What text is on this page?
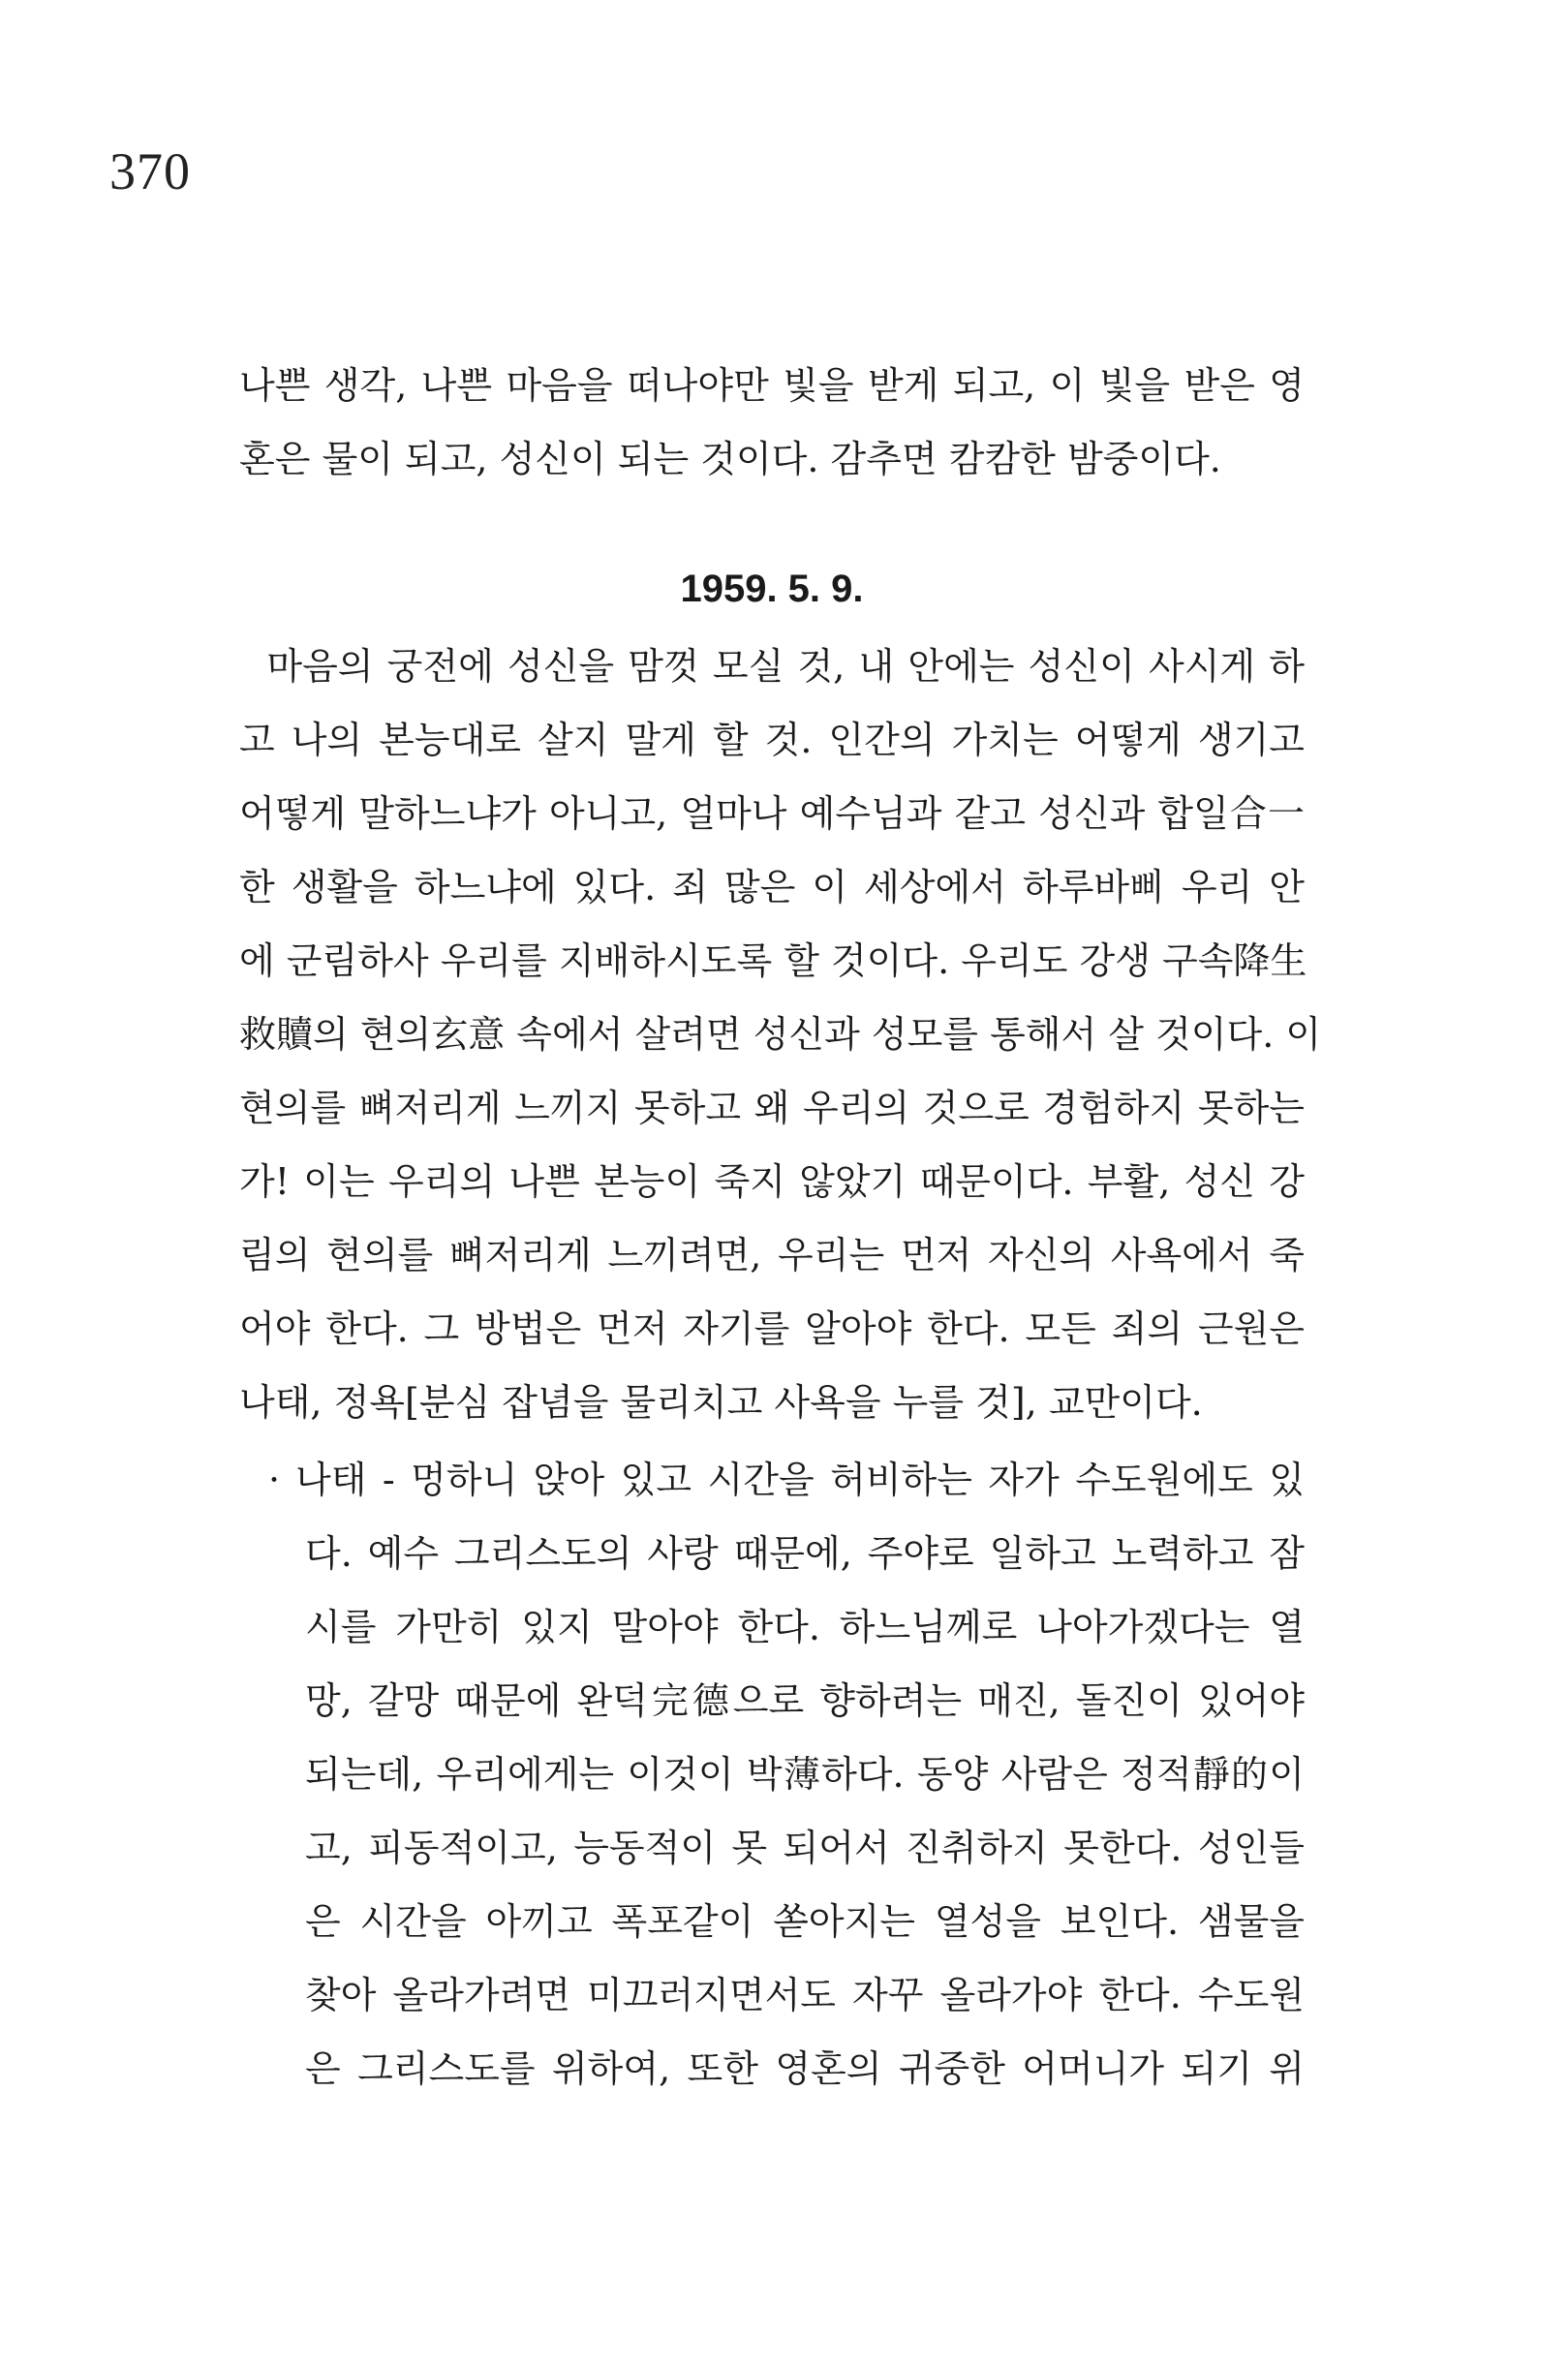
370
나쁜 생각, 나쁜 마음을 떠나야만 빛을 받게 되고, 이 빛을 받은 영
혼은 물이 되고, 성신이 되는 것이다. 감추면 캄캄한 밤중이다.
1959. 5. 9.
마음의 궁전에 성신을 맘껏 모실 것, 내 안에는 성신이 사시게 하
고 나의 본능대로 살지 말게 할 것. 인간의 가치는 어떻게 생기고
어떻게 말하느냐가 아니고, 얼마나 예수님과 같고 성신과 합일合一
한 생활을 하느냐에 있다. 죄 많은 이 세상에서 하루바삐 우리 안
에 군림하사 우리를 지배하시도록 할 것이다. 우리도 강생 구속降生
救贖의 현의玄意 속에서 살려면 성신과 성모를 통해서 살 것이다. 이
현의를 뼈저리게 느끼지 못하고 왜 우리의 것으로 경험하지 못하는
가! 이는 우리의 나쁜 본능이 죽지 않았기 때문이다. 부활, 성신 강
림의 현의를 뼈저리게 느끼려면, 우리는 먼저 자신의 사욕에서 죽
어야 한다. 그 방법은 먼저 자기를 알아야 한다. 모든 죄의 근원은
나태, 정욕[분심 잡념을 물리치고 사욕을 누를 것], 교만이다.
· 나태 - 멍하니 앉아 있고 시간을 허비하는 자가 수도원에도 있
다. 예수 그리스도의 사랑 때문에, 주야로 일하고 노력하고 잠
시를 가만히 있지 말아야 한다. 하느님께로 나아가겠다는 열
망, 갈망 때문에 완덕完德으로 향하려는 매진, 돌진이 있어야
되는데, 우리에게는 이것이 박薄하다. 동양 사람은 정적靜的이
고, 피동적이고, 능동적이 못 되어서 진취하지 못한다. 성인들
은 시간을 아끼고 폭포같이 쏟아지는 열성을 보인다. 샘물을
찾아 올라가려면 미끄러지면서도 자꾸 올라가야 한다. 수도원
은 그리스도를 위하여, 또한 영혼의 귀중한 어머니가 되기 위
